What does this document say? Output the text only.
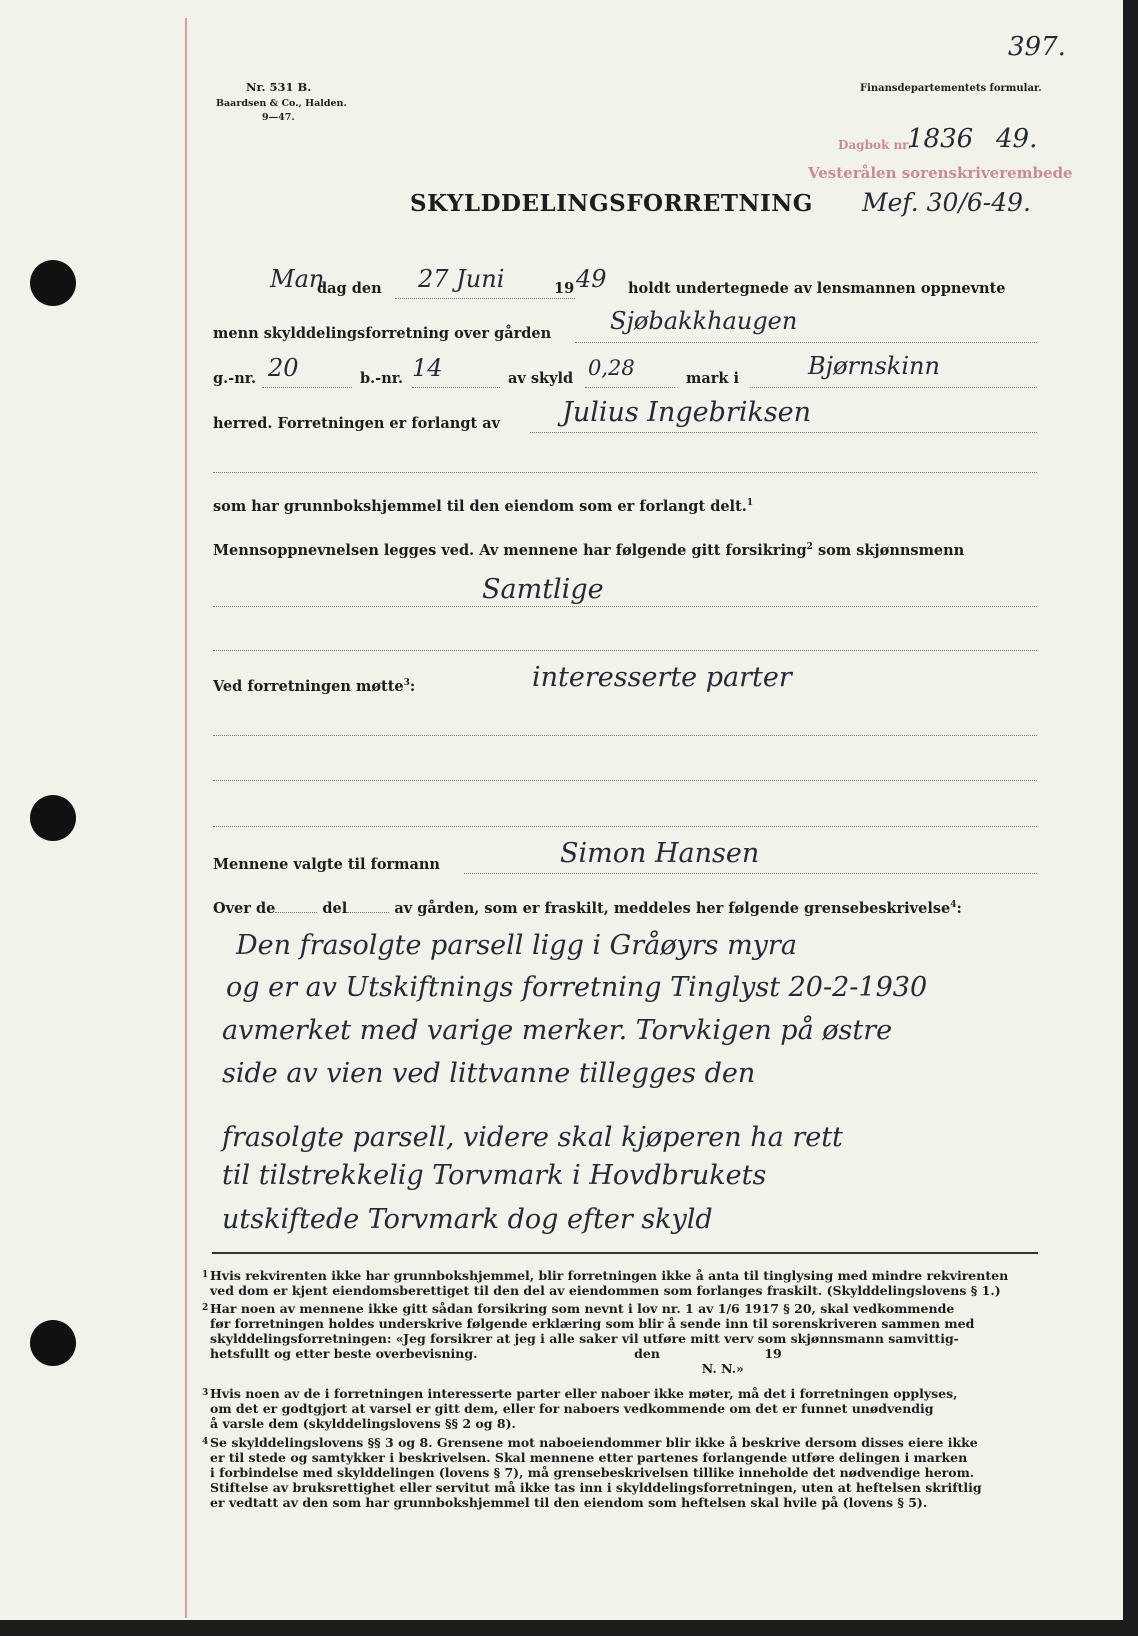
397.
Nr. 531 B.
Baardsen & Co., Halden.
9—47.
Finansdepartementets formular.
Dagbok nr.
1836 49.
Vesterålen sorenskriverembede
Mef. 30/6-49.
SKYLDDELINGSFORRETNING
Man
dag den 27 Juni	19 49 holdt undertegnede av lensmannen oppnevnte
menn skylddelingsforretning over gården Sjøbakkhaugen
g.-nr. 20	b.-nr. 14	av skyld 0,28	mark i	Bjørnskinn
herred. Forretningen er forlangt av Julius Ingebriksen
som har grunnbokshjemmel til den eiendom som er forlangt delt.$^1$
Mennsoppnevnelsen legges ved. Av mennene har følgende gitt forsikring$^2$ som skjønnsmenn
Samtlige
Ved forretningen møtte$^3$:	interesserte parter
Mennene valgte til formann	Simon Hansen
Over de	del	av gården, som er fraskilt, meddeles her følgende grensebeskrivelse$^4$:
Den frasolgte parsell ligg i Gråøyrs myra
og er av Utskiftnings forretning Tinglyst 20-2-1930
avmerket med varige merker. Torvkigen på østre
side av vien ved littvanne tillegges den
frasolgte parsell, videre skal kjøperen ha rett
til tilstrekkelig Torvmark i Hovdbrukets
utskiftede Torvmark dog efter skyld
1 Hvis rekvirenten ikke har grunnbokshjemmel, blir forretningen ikke å anta til tinglysing med mindre rekvirenten
ved dom er kjent eiendomsberettiget til den del av eiendommen som forlanges fraskilt. (Skylddelingslovens § 1.)
2 Har noen av mennene ikke gitt sådan forsikring som nevnt i lov nr. 1 av 1/6 1917 § 20, skal vedkommende
før forretningen holdes underskrive følgende erklæring som blir å sende inn til sorenskriveren sammen med
skylddelingsforretningen: «Jeg forsikrer at jeg i alle saker vil utføre mitt verv som skjønnsmann samvittig-
hetsfullt og etter beste overbevisning.                                    den                        19
N. N.»
3 Hvis noen av de i forretningen interesserte parter eller naboer ikke møter, må det i forretningen opplyses,
om det er godtgjort at varsel er gitt dem, eller for naboers vedkommende om det er funnet unødvendig
å varsle dem (skylddelingslovens §§ 2 og 8).
4 Se skylddelingslovens §§ 3 og 8. Grensene mot naboeiendommer blir ikke å beskrive dersom disses eiere ikke
er til stede og samtykker i beskrivelsen. Skal mennene etter partenes forlangende utføre delingen i marken
i forbindelse med skylddelingen (lovens § 7), må grensebeskrivelsen tillike inneholde det nødvendige herom.
Stiftelse av bruksrettighet eller servitut må ikke tas inn i skylddelingsforretningen, uten at heftelsen skriftlig
er vedtatt av den som har grunnbokshjemmel til den eiendom som heftelsen skal hvile på (lovens § 5).
